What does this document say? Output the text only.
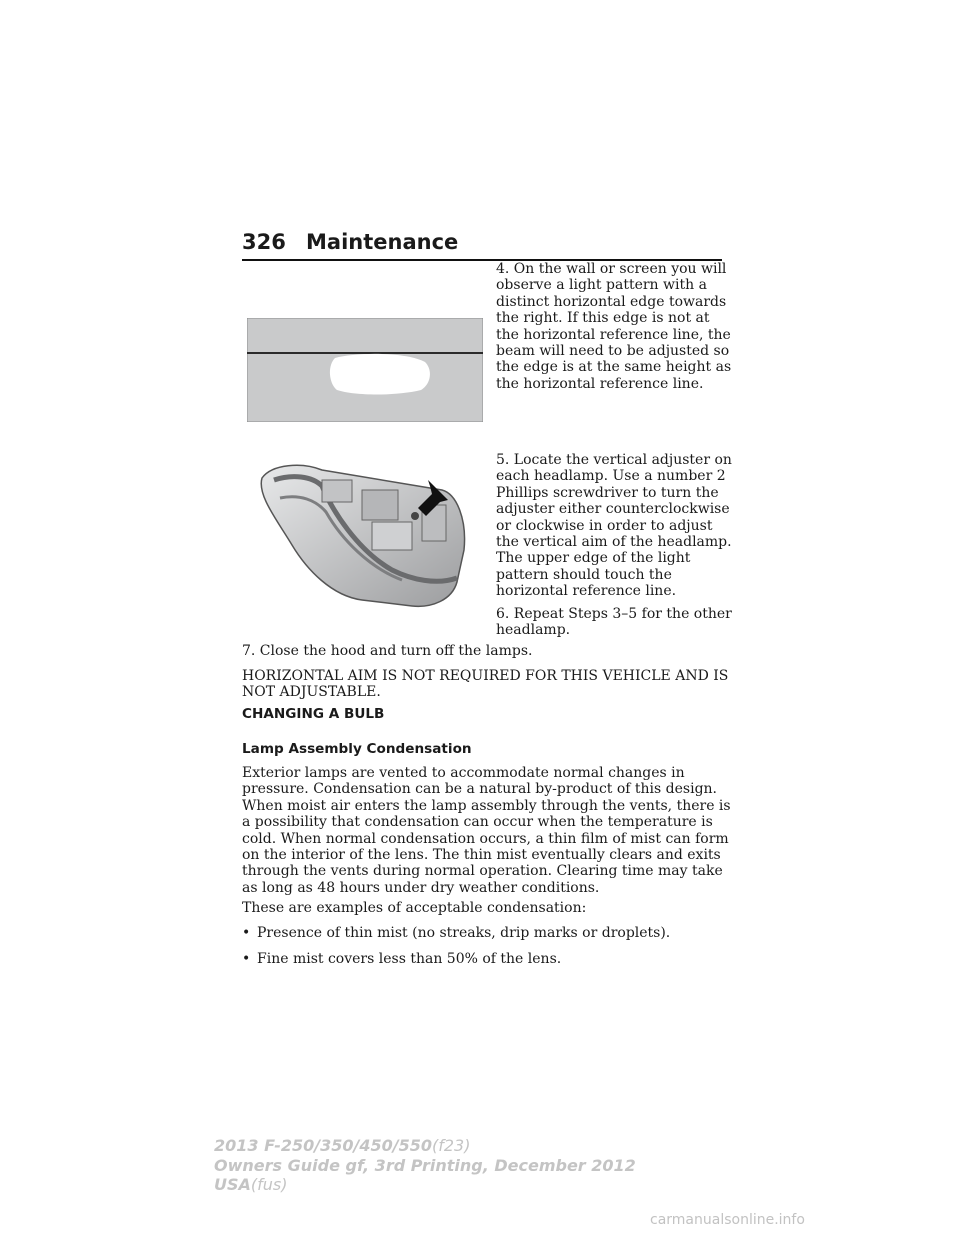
326 Maintenance
4. On the wall or screen you will observe a light pattern with a distinct horizontal edge towards the right. If this edge is not at the horizontal reference line, the beam will need to be adjusted so the edge is at the same height as the horizontal reference line.
5. Locate the vertical adjuster on each headlamp. Use a number 2 Phillips screwdriver to turn the adjuster either counterclockwise or clockwise in order to adjust the vertical aim of the headlamp. The upper edge of the light pattern should touch the horizontal reference line.
6. Repeat Steps 3–5 for the other headlamp.
7. Close the hood and turn off the lamps.
HORIZONTAL AIM IS NOT REQUIRED FOR THIS VEHICLE AND IS NOT ADJUSTABLE.
CHANGING A BULB
Lamp Assembly Condensation
Exterior lamps are vented to accommodate normal changes in pressure. Condensation can be a natural by-product of this design. When moist air enters the lamp assembly through the vents, there is a possibility that condensation can occur when the temperature is cold. When normal condensation occurs, a thin film of mist can form on the interior of the lens. The thin mist eventually clears and exits through the vents during normal operation. Clearing time may take as long as 48 hours under dry weather conditions.
These are examples of acceptable condensation:
• Presence of thin mist (no streaks, drip marks or droplets).
• Fine mist covers less than 50% of the lens.
2013 F-250/350/450/550(f23)
Owners Guide gf, 3rd Printing, December 2012
USA(fus)
carmanualsonline.info
